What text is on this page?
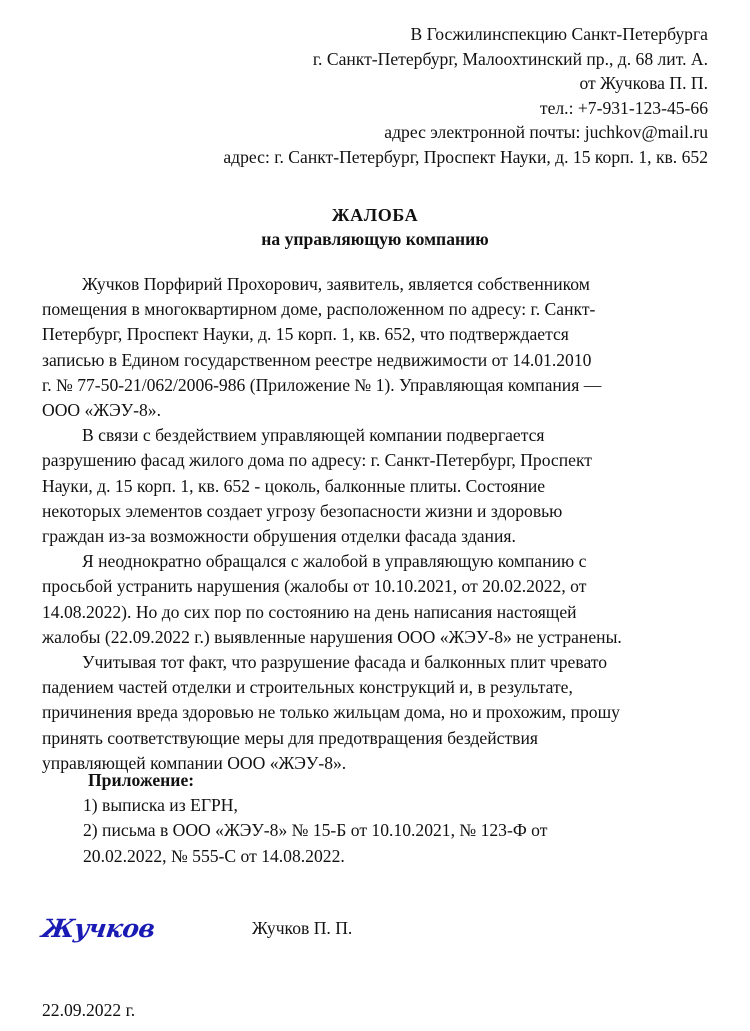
В Госжилинспекцию Санкт-Петербурга
г. Санкт-Петербург, Малоохтинский пр., д. 68 лит. А.
от Жучкова П. П.
тел.: +7-931-123-45-66
адрес электронной почты: juchkov@mail.ru
адрес: г. Санкт-Петербург, Проспект Науки, д. 15 корп. 1, кв. 652
ЖАЛОБА
на управляющую компанию
Жучков Порфирий Прохорович, заявитель, является собственником
помещения в многоквартирном доме, расположенном по адресу: г. Санкт-
Петербург, Проспект Науки, д. 15 корп. 1, кв. 652, что подтверждается
записью в Едином государственном реестре недвижимости от 14.01.2010
г. № 77-50-21/062/2006-986 (Приложение № 1). Управляющая компания —
ООО «ЖЭУ-8».
В связи с бездействием управляющей компании подвергается
разрушению фасад жилого дома по адресу: г. Санкт-Петербург, Проспект
Науки, д. 15 корп. 1, кв. 652 - цоколь, балконные плиты. Состояние
некоторых элементов создает угрозу безопасности жизни и здоровью
граждан из-за возможности обрушения отделки фасада здания.
Я неоднократно обращался с жалобой в управляющую компанию с
просьбой устранить нарушения (жалобы от 10.10.2021, от 20.02.2022, от
14.08.2022). Но до сих пор по состоянию на день написания настоящей
жалобы (22.09.2022 г.) выявленные нарушения ООО «ЖЭУ-8» не устранены.
Учитывая тот факт, что разрушение фасада и балконных плит чревато
падением частей отделки и строительных конструкций и, в результате,
причинения вреда здоровью не только жильцам дома, но и прохожим, прошу
принять соответствующие меры для предотвращения бездействия
управляющей компании ООО «ЖЭУ-8».
Приложение:
1) выписка из ЕГРН,
2) письма в ООО «ЖЭУ-8» № 15-Б от 10.10.2021, № 123-Ф от
20.02.2022, № 555-С от 14.08.2022.
Жучков	Жучков П. П.
22.09.2022 г.
